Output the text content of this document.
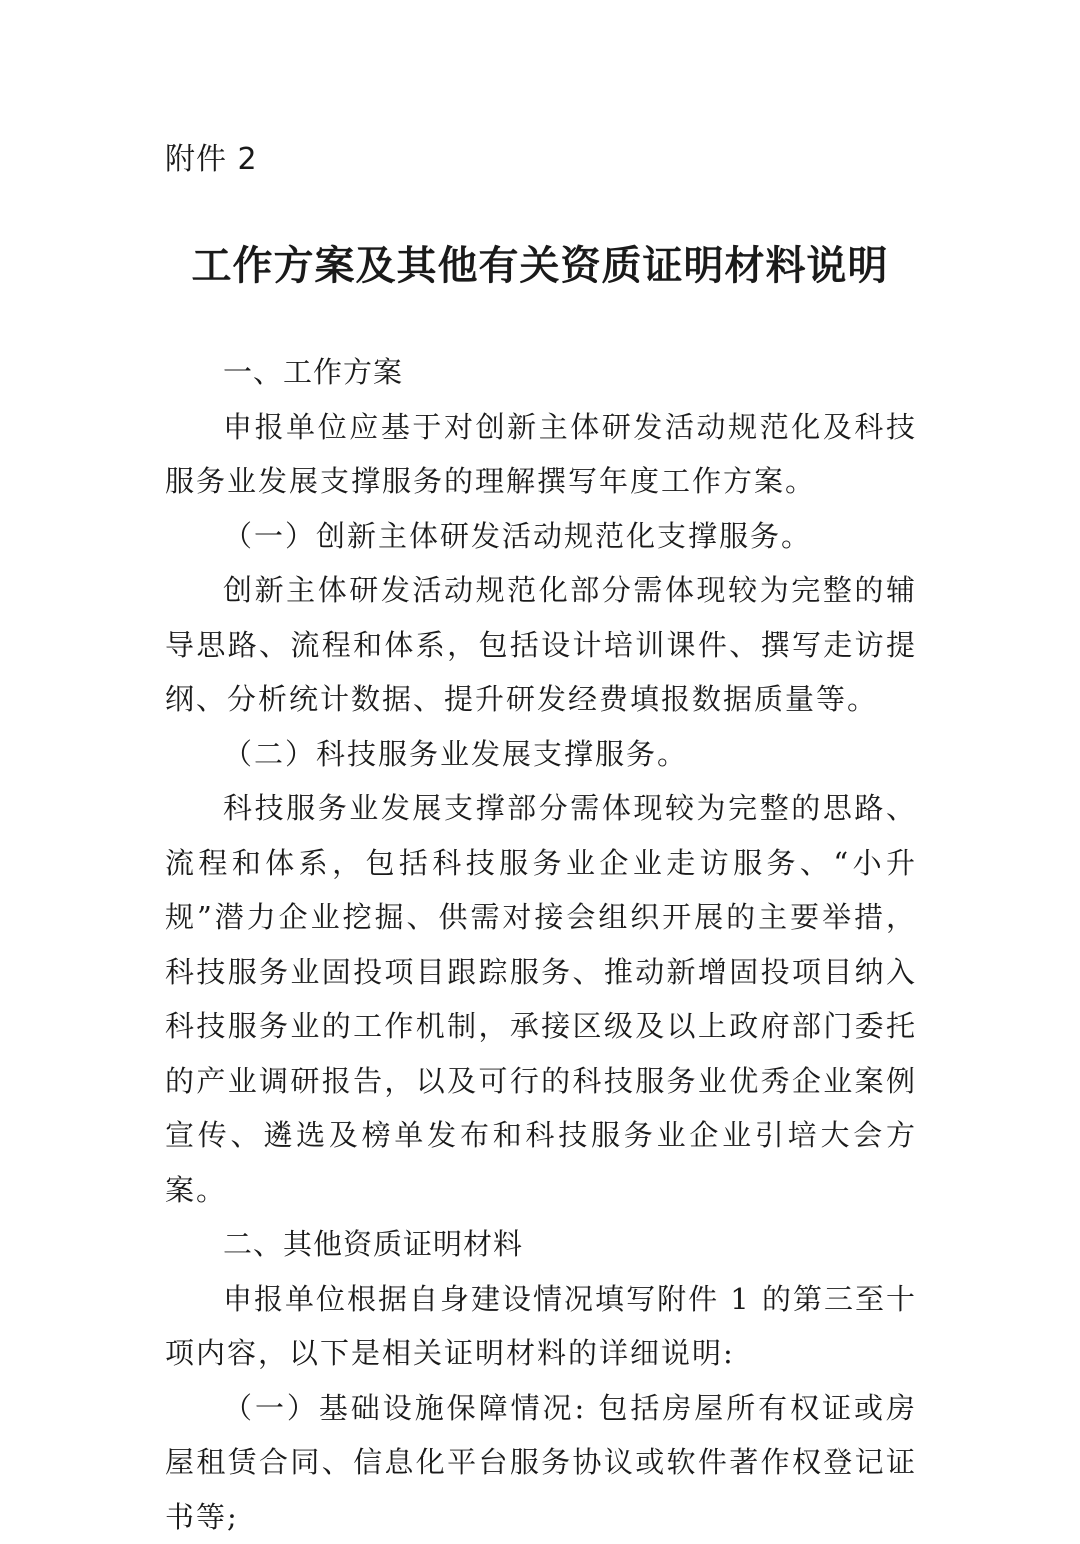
附件 2
工作方案及其他有关资质证明材料说明

一、工作方案

申报单位应基于对创新主体研发活动规范化及科技服务业发展支撑服务的理解撰写年度工作方案。

（一）创新主体研发活动规范化支撑服务。

创新主体研发活动规范化部分需体现较为完整的辅导思路、流程和体系，包括设计培训课件、撰写走访提纲、分析统计数据、提升研发经费填报数据质量等。

（二）科技服务业发展支撑服务。

科技服务业发展支撑部分需体现较为完整的思路、流程和体系，包括科技服务业企业走访服务、“小升规”潜力企业挖掘、供需对接会组织开展的主要举措，科技服务业固投项目跟踪服务、推动新增固投项目纳入科技服务业的工作机制，承接区级及以上政府部门委托的产业调研报告，以及可行的科技服务业优秀企业案例宣传、遴选及榜单发布和科技服务业企业引培大会方案。

二、其他资质证明材料

申报单位根据自身建设情况填写附件 1 的第三至十项内容，以下是相关证明材料的详细说明:

（一）基础设施保障情况: 包括房屋所有权证或房屋租赁合同、信息化平台服务协议或软件著作权登记证书等;
